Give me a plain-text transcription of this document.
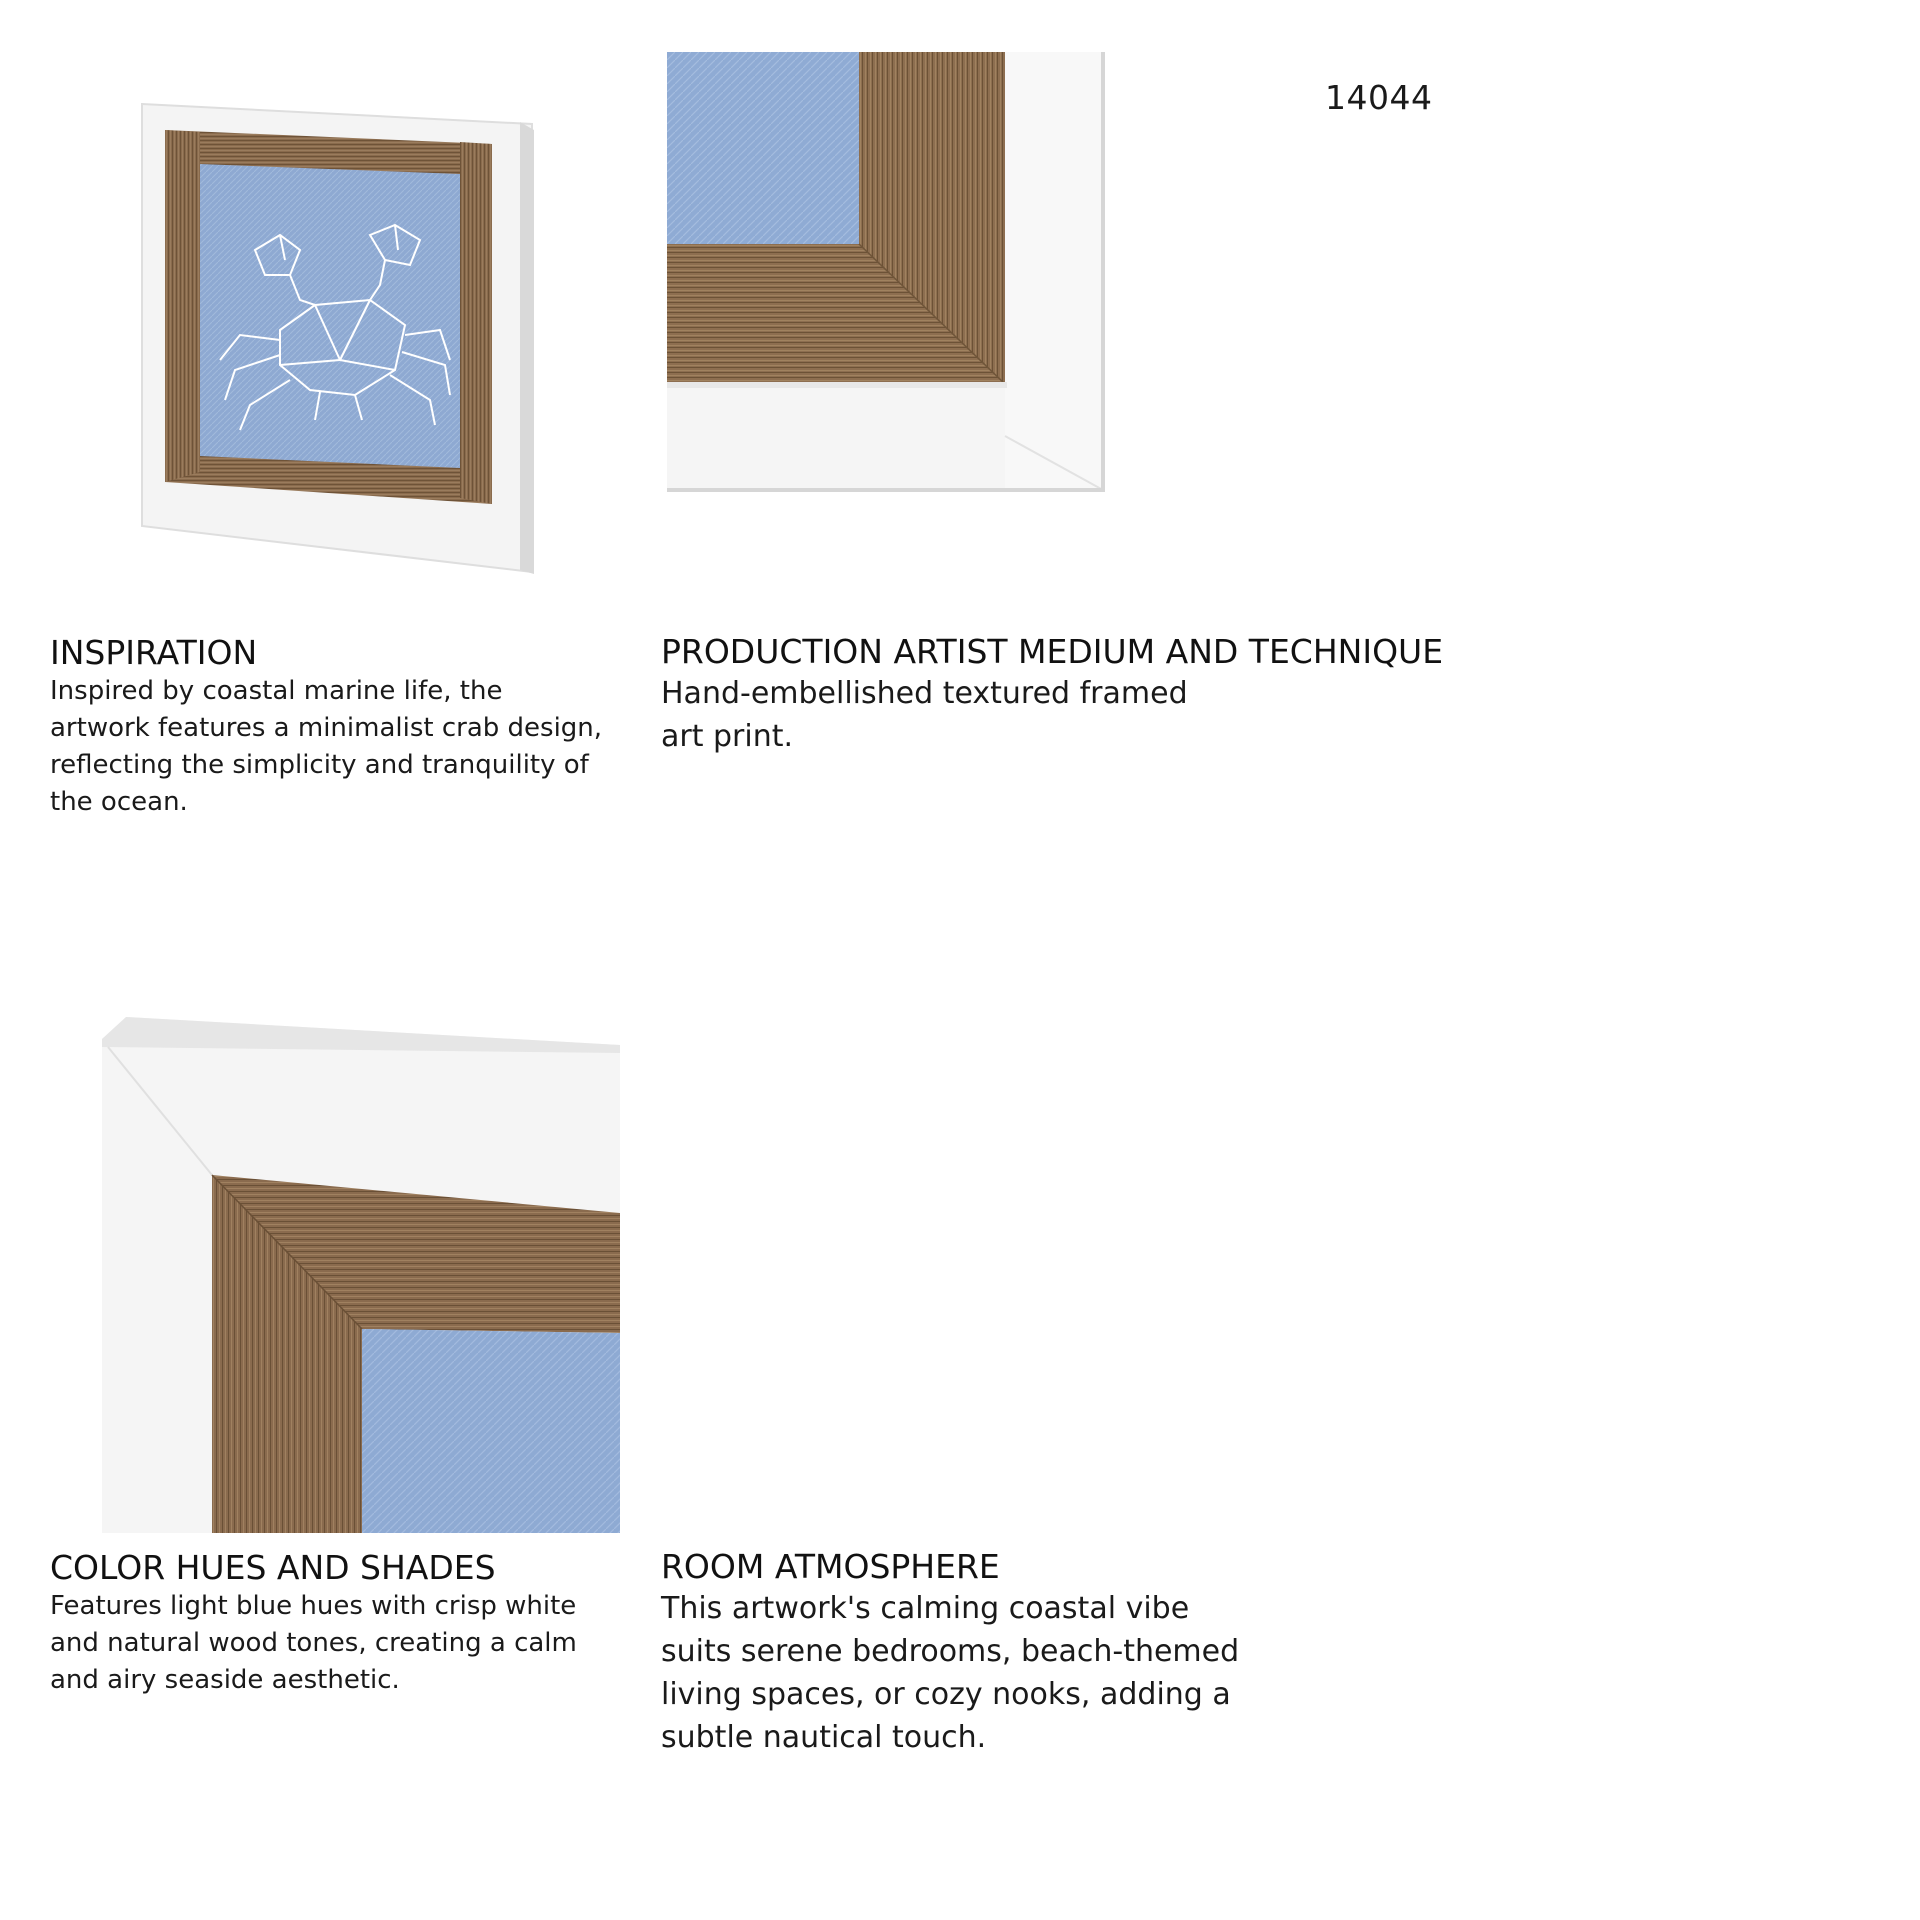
14044
INSPIRATION

Inspired by coastal marine life, the artwork features a minimalist crab design, reflecting the simplicity and tranquility of the ocean.

PRODUCTION ARTIST MEDIUM AND TECHNIQUE

Hand-embellished textured framed art print.

COLOR HUES AND SHADES

Features light blue hues with crisp white and natural wood tones, creating a calm and airy seaside aesthetic.

ROOM ATMOSPHERE

This artwork's calming coastal vibe suits serene bedrooms, beach-themed living spaces, or cozy nooks, adding a subtle nautical touch.
